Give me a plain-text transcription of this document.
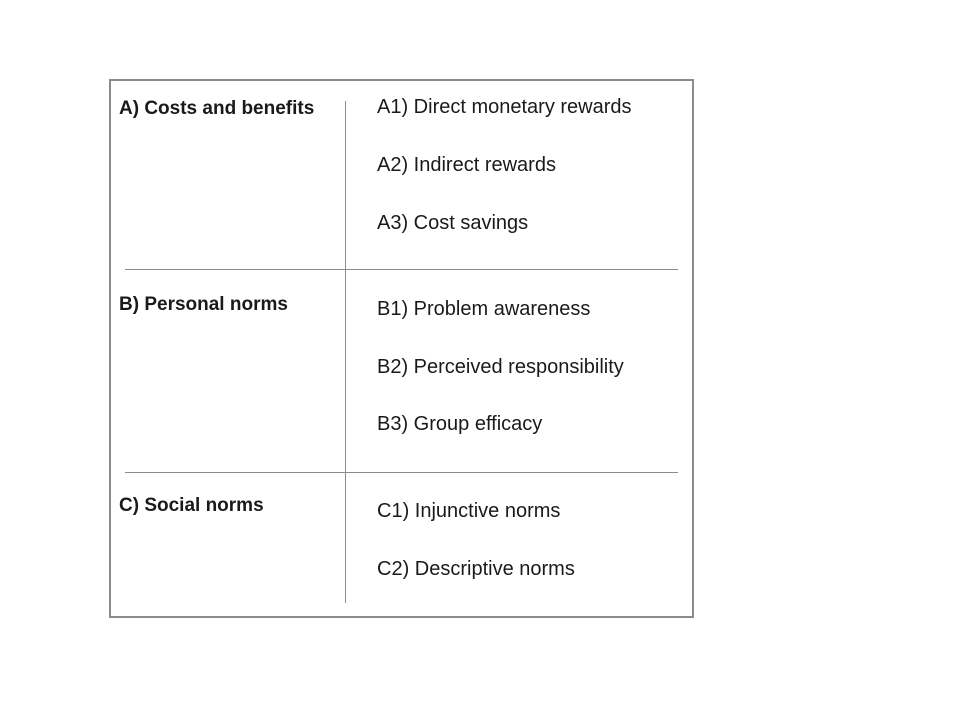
A) Costs and benefits	A1) Direct monetary rewards
A2) Indirect rewards
A3) Cost savings
B) Personal norms	B1) Problem awareness
B2) Perceived responsibility
B3) Group efficacy
C) Social norms	C1) Injunctive norms
C2) Descriptive norms
